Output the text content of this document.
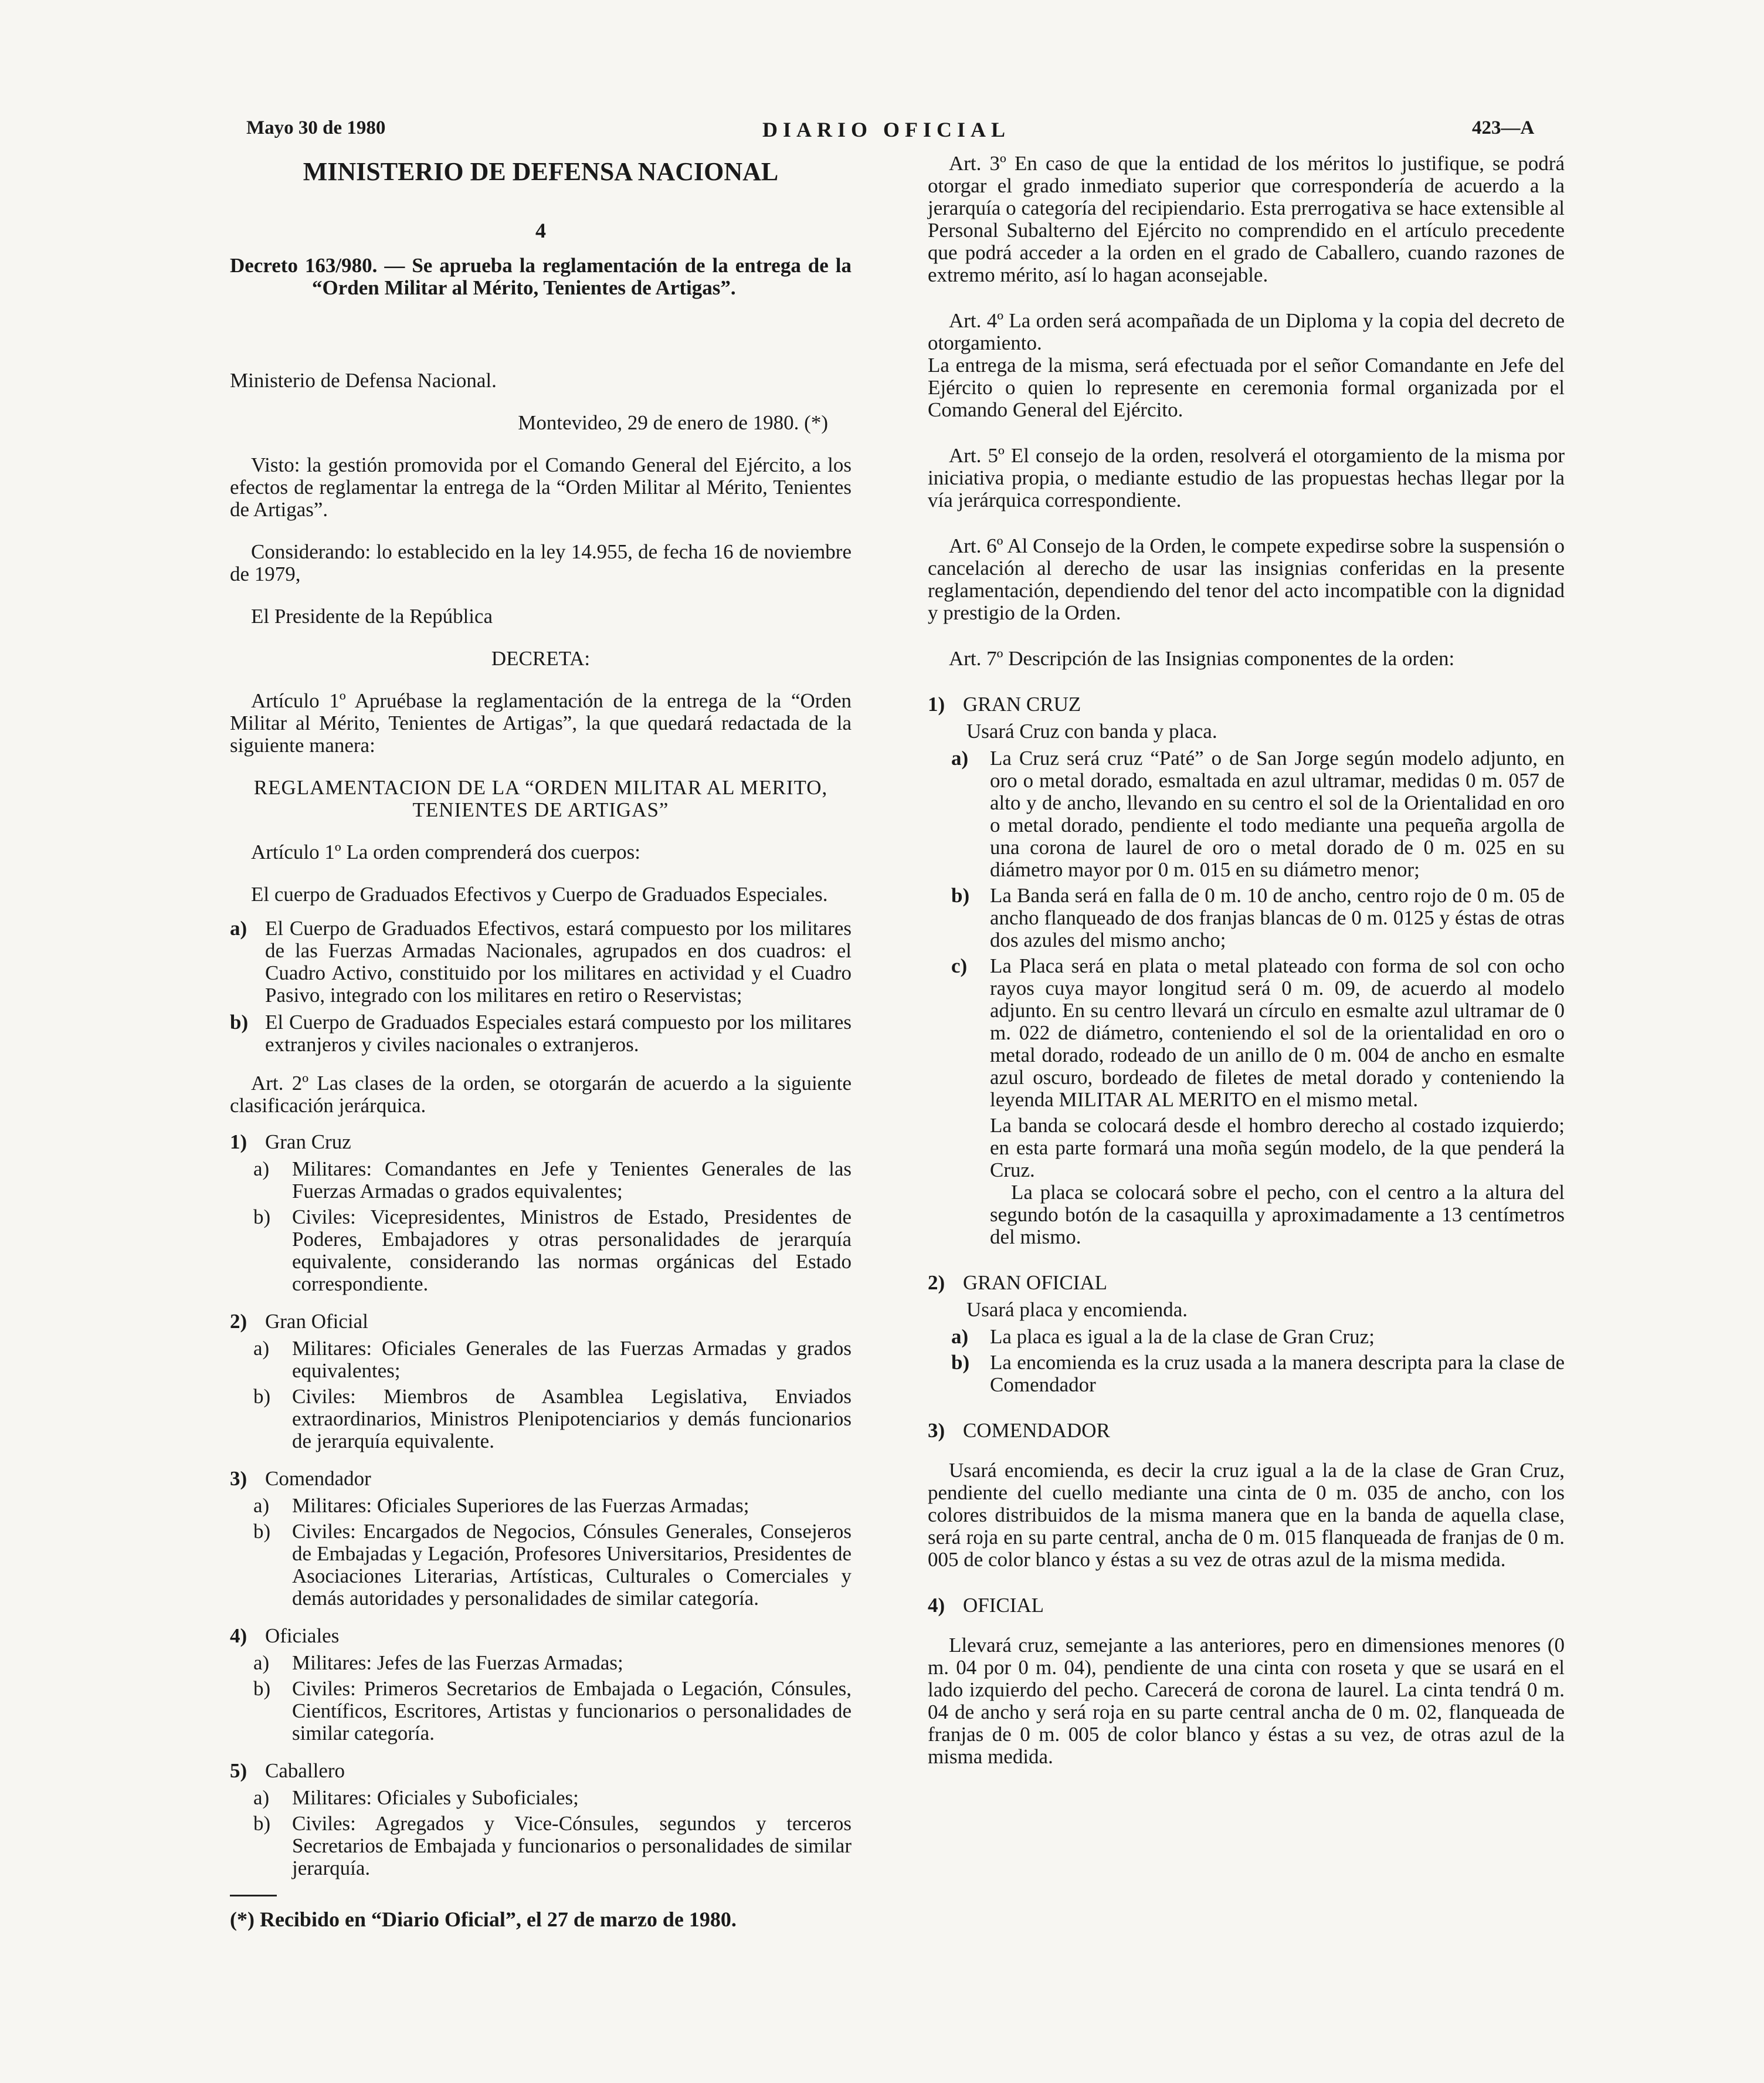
Mayo 30 de 1980	DIARIO OFICIAL	423—A
MINISTERIO DE DEFENSA NACIONAL
4
Decreto 163/980. — Se aprueba la reglamentación de la entrega de la “Orden Militar al Mérito, Tenientes de Artigas”.
Ministerio de Defensa Nacional.
Montevideo, 29 de enero de 1980. (*)
Visto: la gestión promovida por el Comando General del Ejército, a los efectos de reglamentar la entrega de la “Orden Militar al Mérito, Tenientes de Artigas”.
Considerando: lo establecido en la ley 14.955, de fecha 16 de noviembre de 1979,
El Presidente de la República
DECRETA:
Artículo 1º Apruébase la reglamentación de la entrega de la “Orden Militar al Mérito, Tenientes de Artigas”, la que quedará redactada de la siguiente manera:
REGLAMENTACION DE LA “ORDEN MILITAR AL MERITO, TENIENTES DE ARTIGAS”
Artículo 1º La orden comprenderá dos cuerpos:
El cuerpo de Graduados Efectivos y Cuerpo de Graduados Especiales.
a) El Cuerpo de Graduados Efectivos, estará compuesto por los militares de las Fuerzas Armadas Nacionales, agrupados en dos cuadros: el Cuadro Activo, constituido por los militares en actividad y el Cuadro Pasivo, integrado con los militares en retiro o Reservistas;
b) El Cuerpo de Graduados Especiales estará compuesto por los militares extranjeros y civiles nacionales o extranjeros.
Art. 2º Las clases de la orden, se otorgarán de acuerdo a la siguiente clasificación jerárquica.
1) Gran Cruz
a)	Militares: Comandantes en Jefe y Tenientes Generales de las Fuerzas Armadas o grados equivalentes;
b)	Civiles: Vicepresidentes, Ministros de Estado, Presidentes de Poderes, Embajadores y otras personalidades de jerarquía equivalente, considerando las normas orgánicas del Estado correspondiente.
2) Gran Oficial
a)	Militares: Oficiales Generales de las Fuerzas Armadas y grados equivalentes;
b)	Civiles: Miembros de Asamblea Legislativa, Enviados extraordinarios, Ministros Plenipotenciarios y demás funcionarios de jerarquía equivalente.
3) Comendador
a)	Militares: Oficiales Superiores de las Fuerzas Armadas;
b)	Civiles: Encargados de Negocios, Cónsules Generales, Consejeros de Embajadas y Legación, Profesores Universitarios, Presidentes de Asociaciones Literarias, Artísticas, Culturales o Comerciales y demás autoridades y personalidades de similar categoría.
4) Oficiales
a)	Militares: Jefes de las Fuerzas Armadas;
b)	Civiles: Primeros Secretarios de Embajada o Legación, Cónsules, Científicos, Escritores, Artistas y funcionarios o personalidades de similar categoría.
5) Caballero
a)	Militares: Oficiales y Suboficiales;
b)	Civiles: Agregados y Vice-Cónsules, segundos y terceros Secretarios de Embajada y funcionarios o personalidades de similar jerarquía.
(*) Recibido en “Diario Oficial”, el 27 de marzo de 1980.
Art. 3º En caso de que la entidad de los méritos lo justifique, se podrá otorgar el grado inmediato superior que correspondería de acuerdo a la jerarquía o categoría del recipiendario. Esta prerrogativa se hace extensible al Personal Subalterno del Ejército no comprendido en el artículo precedente que podrá acceder a la orden en el grado de Caballero, cuando razones de extremo mérito, así lo hagan aconsejable.
Art. 4º La orden será acompañada de un Diploma y la copia del decreto de otorgamiento.
La entrega de la misma, será efectuada por el señor Comandante en Jefe del Ejército o quien lo represente en ceremonia formal organizada por el Comando General del Ejército.
Art. 5º El consejo de la orden, resolverá el otorgamiento de la misma por iniciativa propia, o mediante estudio de las propuestas hechas llegar por la vía jerárquica correspondiente.
Art. 6º Al Consejo de la Orden, le compete expedirse sobre la suspensión o cancelación al derecho de usar las insignias conferidas en la presente reglamentación, dependiendo del tenor del acto incompatible con la dignidad y prestigio de la Orden.
Art. 7º Descripción de las Insignias componentes de la orden:
1) GRAN CRUZ
Usará Cruz con banda y placa.
a)	La Cruz será cruz “Paté” o de San Jorge según modelo adjunto, en oro o metal dorado, esmaltada en azul ultramar, medidas 0 m. 057 de alto y de ancho, llevando en su centro el sol de la Orientalidad en oro o metal dorado, pendiente el todo mediante una pequeña argolla de una corona de laurel de oro o metal dorado de 0 m. 025 en su diámetro mayor por 0 m. 015 en su diámetro menor;
b) La Banda será en falla de 0 m. 10 de ancho, centro rojo de 0 m. 05 de ancho flanqueado de dos franjas blancas de 0 m. 0125 y éstas de otras dos azules del mismo ancho;
c)	La Placa será en plata o metal plateado con forma de sol con ocho rayos cuya mayor longitud será 0 m. 09, de acuerdo al modelo adjunto. En su centro llevará un círculo en esmalte azul ultramar de 0 m. 022 de diámetro, conteniendo el sol de la orientalidad en oro o metal dorado, rodeado de un anillo de 0 m. 004 de ancho en esmalte azul oscuro, bordeado de filetes de metal dorado y conteniendo la leyenda MILITAR AL MERITO en el mismo metal.
La banda se colocará desde el hombro derecho al costado izquierdo; en esta parte formará una moña según modelo, de la que penderá la Cruz.
La placa se colocará sobre el pecho, con el centro a la altura del segundo botón de la casaquilla y aproximadamente a 13 centímetros del mismo.
2) GRAN OFICIAL
Usará placa y encomienda.
a)	La placa es igual a la de la clase de Gran Cruz;
b) La encomienda es la cruz usada a la manera descripta para la clase de Comendador
3) COMENDADOR
Usará encomienda, es decir la cruz igual a la de la clase de Gran Cruz, pendiente del cuello mediante una cinta de 0 m. 035 de ancho, con los colores distribuidos de la misma manera que en la banda de aquella clase, será roja en su parte central, ancha de 0 m. 015 flanqueada de franjas de 0 m. 005 de color blanco y éstas a su vez de otras azul de la misma medida.
4) OFICIAL
Llevará cruz, semejante a las anteriores, pero en dimensiones menores (0 m. 04 por 0 m. 04), pendiente de una cinta con roseta y que se usará en el lado izquierdo del pecho. Carecerá de corona de laurel. La cinta tendrá 0 m. 04 de ancho y será roja en su parte central ancha de 0 m. 02, flanqueada de franjas de 0 m. 005 de color blanco y éstas a su vez, de otras azul de la misma medida.
